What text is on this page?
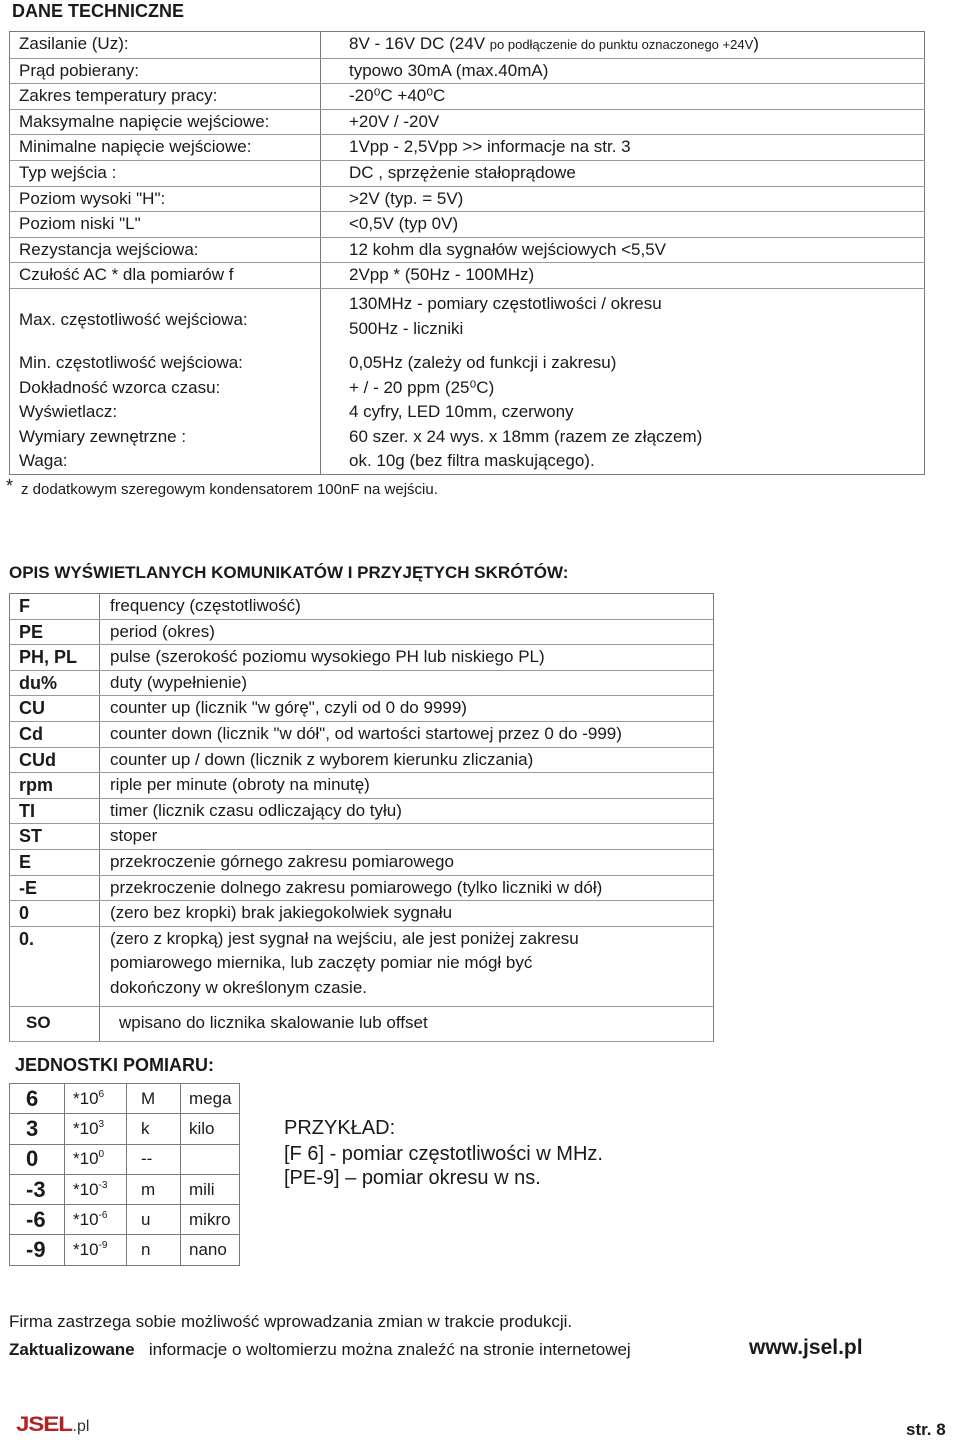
DANE TECHNICZNE
Zasilanie (Uz):	8V - 16V DC (24V po podłączenie do punktu oznaczonego +24V)
Prąd pobierany:	typowo 30mA (max.40mA)
Zakres temperatury pracy:	-20⁰C +40⁰C
Maksymalne napięcie wejściowe:	+20V / -20V
Minimalne napięcie wejściowe:	1Vpp - 2,5Vpp >> informacje na str. 3
Typ wejścia :	DC , sprzężenie stałoprądowe
Poziom wysoki "H":	>2V (typ. = 5V)
Poziom niski "L"	<0,5V (typ 0V)
Rezystancja wejściowa:	12 kohm dla sygnałów wejściowych <5,5V
Czułość AC * dla pomiarów f	2Vpp * (50Hz - 100MHz)
Max. częstotliwość wejściowa:	130MHz - pomiary częstotliwości / okresu
500Hz - liczniki

Min. częstotliwość wejściowa:	0,05Hz (zależy od funkcji i zakresu)
Dokładność wzorca czasu:	+ / - 20 ppm (25⁰C)
Wyświetlacz:	4 cyfry, LED 10mm, czerwony
Wymiary zewnętrzne :	60 szer. x 24 wys. x 18mm (razem ze złączem)
Waga:	ok. 10g (bez filtra maskującego).
* z dodatkowym szeregowym kondensatorem 100nF na wejściu.
OPIS WYŚWIETLANYCH KOMUNIKATÓW I PRZYJĘTYCH SKRÓTÓW:
F	frequency (częstotliwość)
PE	period (okres)
PH, PL	pulse (szerokość poziomu wysokiego PH lub niskiego PL)
du%	duty (wypełnienie)
CU	counter up (licznik "w górę", czyli od 0 do 9999)
Cd	counter down (licznik "w dół", od wartości startowej przez 0 do -999)
CUd	counter up / down (licznik z wyborem kierunku zliczania)
rpm	riple per minute (obroty na minutę)
TI	timer (licznik czasu odliczający do tyłu)
ST	stoper
E	przekroczenie górnego zakresu pomiarowego
-E	przekroczenie dolnego zakresu pomiarowego (tylko liczniki w dół)
0	(zero bez kropki) brak jakiegokolwiek sygnału
0.	(zero z kropką) jest sygnał na wejściu, ale jest poniżej zakresu
pomiarowego miernika, lub zaczęty pomiar nie mógł być
dokończony w określonym czasie.

SO	wpisano do licznika skalowanie lub offset
JEDNOSTKI POMIARU:
6	$*10^6$	M	mega
3	$*10^3$	k	kilo
0	$*10^0$	--	
-3	$*10^{-3}$	m	mili
-6	$*10^{-6}$	u	mikro
-9	$*10^{-9}$	n	nano
PRZYKŁAD:
[F 6] - pomiar częstotliwości w MHz.
[PE-9] – pomiar okresu w ns.
Firma zastrzega sobie możliwość wprowadzania zmian w trakcie produkcji.
Zaktualizowane informacje o woltomierzu można znaleźć na stronie internetowej	www.jsel.pl
JSEL.pl	str. 8
